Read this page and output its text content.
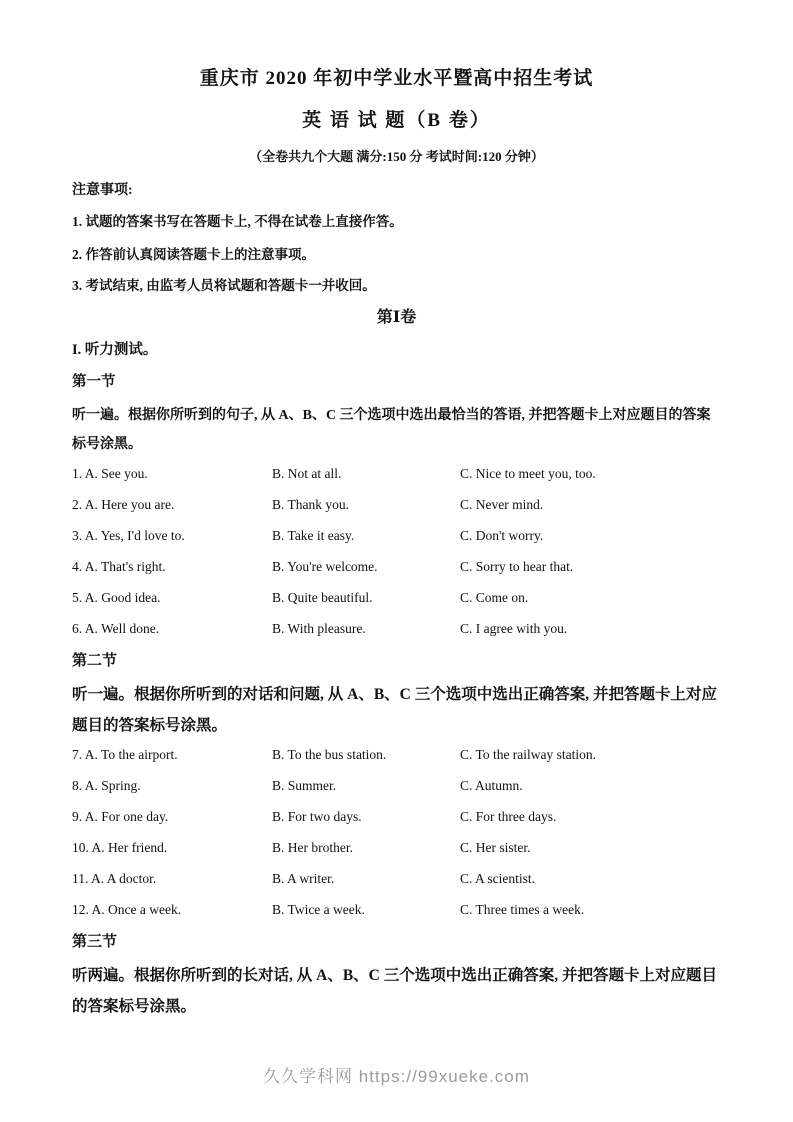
重庆市 2020 年初中学业水平暨高中招生考试
英 语 试 题（B 卷）
（全卷共九个大题 满分:150 分 考试时间:120 分钟）
注意事项:
1. 试题的答案书写在答题卡上, 不得在试卷上直接作答。
2. 作答前认真阅读答题卡上的注意事项。
3. 考试结束, 由监考人员将试题和答题卡一并收回。
第Ⅰ卷
I. 听力测试。
第一节
听一遍。根据你所听到的句子, 从 A、B、C 三个选项中选出最恰当的答语, 并把答题卡上对应题目的答案标号涂黑。
1. A. See you.	B. Not at all.	C. Nice to meet you, too.
2. A. Here you are.	B. Thank you.	C. Never mind.
3. A. Yes, I'd love to.	B. Take it easy.	C. Don't worry.
4. A. That's right.	B. You're welcome.	C. Sorry to hear that.
5. A. Good idea.	B. Quite beautiful.	C. Come on.
6. A. Well done.	B. With pleasure.	C. I agree with you.
第二节
听一遍。根据你所听到的对话和问题, 从 A、B、C 三个选项中选出正确答案, 并把答题卡上对应题目的答案标号涂黑。
7. A. To the airport.	B. To the bus station.	C. To the railway station.
8. A. Spring.	B. Summer.	C. Autumn.
9. A. For one day.	B. For two days.	C. For three days.
10. A. Her friend.	B. Her brother.	C. Her sister.
11. A. A doctor.	B. A writer.	C. A scientist.
12. A. Once a week.	B. Twice a week.	C. Three times a week.
第三节
听两遍。根据你所听到的长对话, 从 A、B、C 三个选项中选出正确答案, 并把答题卡上对应题目的答案标号涂黑。
久久学科网 https://99xueke.com
